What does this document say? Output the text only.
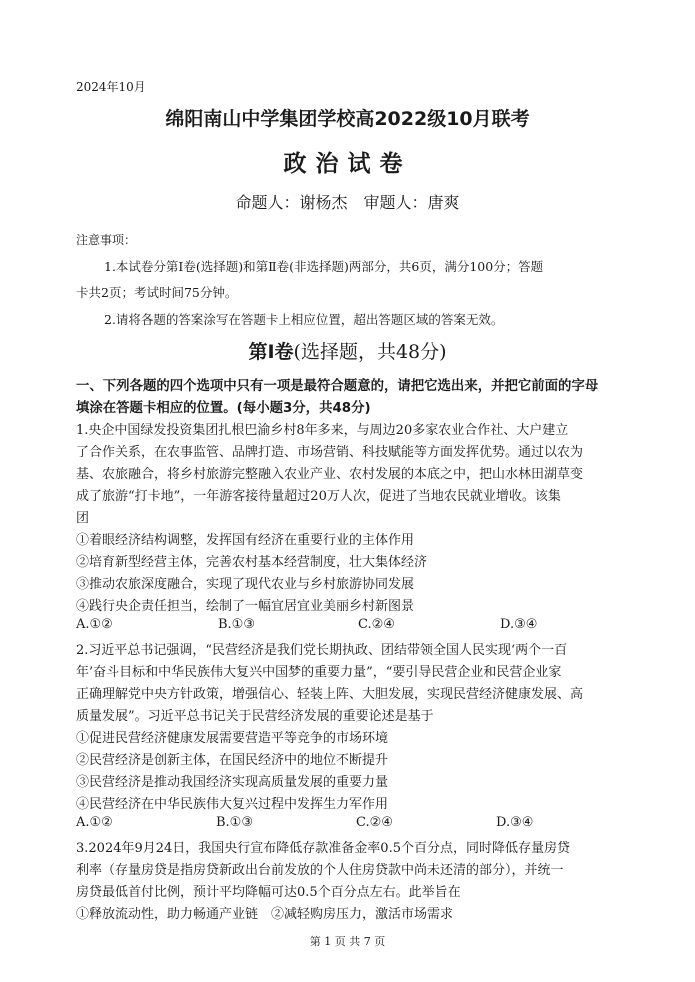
2024年10月
绵阳南山中学集团学校高2022级10月联考
政治试卷
命题人：谢杨杰　审题人：唐爽
注意事项：
1.本试卷分第Ⅰ卷(选择题)和第Ⅱ卷(非选择题)两部分，共6页，满分100分；答题
卡共2页；考试时间75分钟。
2.请将各题的答案涂写在答题卡上相应位置，超出答题区域的答案无效。
第Ⅰ卷(选择题，共48分)
一、下列各题的四个选项中只有一项是最符合题意的，请把它选出来，并把它前面的字母
填涂在答题卡相应的位置。(每小题3分，共48分)
1.央企中国绿发投资集团扎根巴渝乡村8年多来，与周边20多家农业合作社、大户建立
了合作关系，在农事监管、品牌打造、市场营销、科技赋能等方面发挥优势。通过以农为
基、农旅融合，将乡村旅游完整融入农业产业、农村发展的本底之中，把山水林田湖草变
成了旅游“打卡地”，一年游客接待量超过20万人次，促进了当地农民就业增收。该集
团
①着眼经济结构调整，发挥国有经济在重要行业的主体作用
②培育新型经营主体，完善农村基本经营制度，壮大集体经济
③推动农旅深度融合，实现了现代农业与乡村旅游协同发展
④践行央企责任担当，绘制了一幅宜居宜业美丽乡村新图景
A.①②	B.①③	C.②④	D.③④
2.习近平总书记强调，“民营经济是我们党长期执政、团结带领全国人民实现‘两个一百
年’奋斗目标和中华民族伟大复兴中国梦的重要力量”，“要引导民营企业和民营企业家
正确理解党中央方针政策，增强信心、轻装上阵、大胆发展，实现民营经济健康发展、高
质量发展”。习近平总书记关于民营经济发展的重要论述是基于
①促进民营经济健康发展需要营造平等竞争的市场环境
②民营经济是创新主体，在国民经济中的地位不断提升
③民营经济是推动我国经济实现高质量发展的重要力量
④民营经济在中华民族伟大复兴过程中发挥生力军作用
A.①②	B.①③	C.②④	D.③④
3.2024年9月24日，我国央行宣布降低存款准备金率0.5个百分点，同时降低存量房贷
利率（存量房贷是指房贷新政出台前发放的个人住房贷款中尚未还清的部分），并统一
房贷最低首付比例，预计平均降幅可达0.5个百分点左右。此举旨在
①释放流动性，助力畅通产业链　②减轻购房压力，激活市场需求
第 1 页 共 7 页
